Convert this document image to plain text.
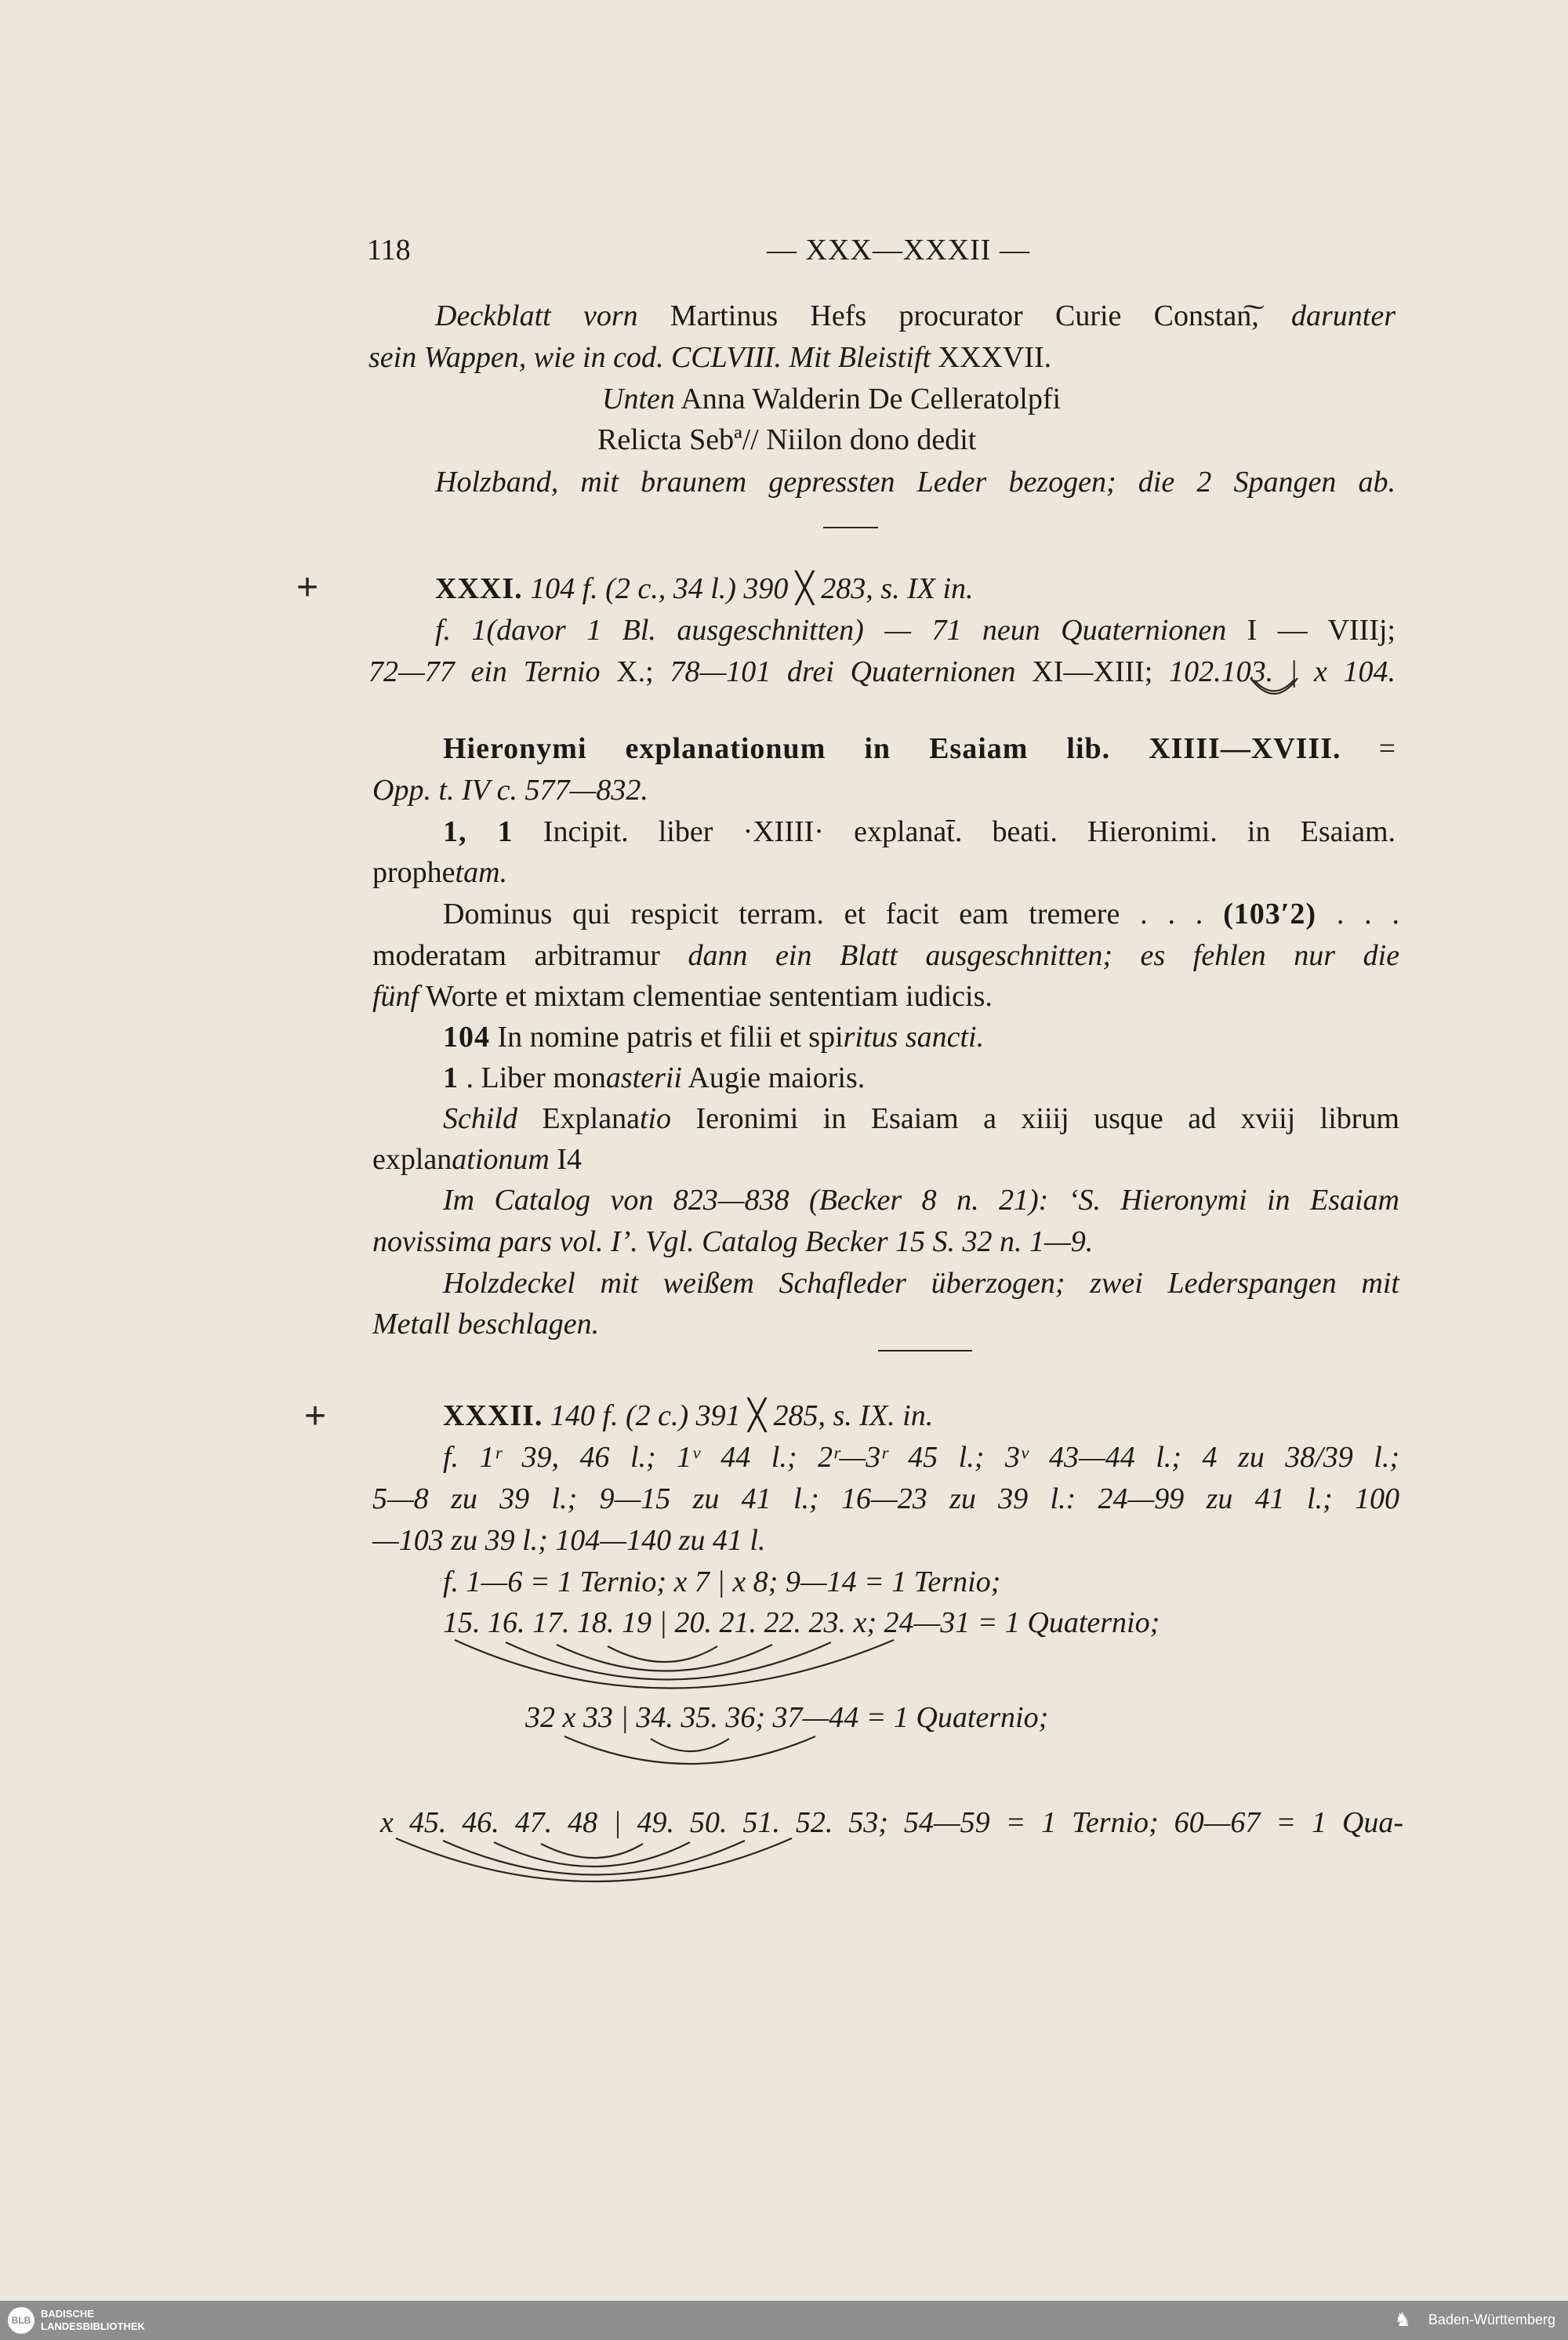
118	— XXX—XXXII —
Deckblatt vorn Martinus Hefs procurator Curie Constan͠, darunter
sein Wappen, wie in cod. CCLVIII. Mit Bleistift XXXVII.
Unten Anna Walderin De Celleratolpfi
Relicta Sebª// Niilon dono dedit
Holzband, mit braunem gepressten Leder bezogen; die 2 Spangen ab.
+	XXXI. 104 f. (2 c., 34 l.) 390 ╳ 283, s. IX in.
f. 1(davor 1 Bl. ausgeschnitten) — 71 neun Quaternionen I — VIIIj;
72—77 ein Ternio X.; 78—101 drei Quaternionen XI—XIII; 102.103. | x 104.
Hieronymi explanationum in Esaiam lib. XIIII—XVIII. =
Opp. t. IV c. 577—832.
1, 1 Incipit. liber ·XIIII· explanat̄. beati. Hieronimi. in Esaiam.
prophetam.
Dominus qui respicit terram. et facit eam tremere . . . (103′2) . . .
moderatam arbitramur dann ein Blatt ausgeschnitten; es fehlen nur die
fünf Worte et mixtam clementiae sententiam iudicis.
104 In nomine patris et filii et spiritus sancti.
1 . Liber monasterii Augie maioris.
Schild Explanatio Ieronimi in Esaiam a xiiij usque ad xviij librum
explanationum I4
Im Catalog von 823—838 (Becker 8 n. 21): ‘S. Hieronymi in Esaiam
novissima pars vol. I’. Vgl. Catalog Becker 15 S. 32 n. 1—9.
Holzdeckel mit weißem Schafleder überzogen; zwei Lederspangen mit
Metall beschlagen.
+	XXXII. 140 f. (2 c.) 391 ╳ 285, s. IX. in.
f. 1ʳ 39, 46 l.; 1ᵛ 44 l.; 2ʳ—3ʳ 45 l.; 3ᵛ 43—44 l.; 4 zu 38/39 l.;
5—8 zu 39 l.; 9—15 zu 41 l.; 16—23 zu 39 l.: 24—99 zu 41 l.; 100
—103 zu 39 l.; 104—140 zu 41 l.
f. 1—6 = 1 Ternio; x 7 | x 8; 9—14 = 1 Ternio;
15. 16. 17. 18. 19 | 20. 21. 22. 23. x; 24—31 = 1 Quaternio;
32 x 33 | 34. 35. 36; 37—44 = 1 Quaternio;
x 45. 46. 47. 48 | 49. 50. 51. 52. 53; 54—59 = 1 Ternio; 60—67 = 1 Qua-
BLB
BADISCHE
LANDESBIBLIOTHEK	♞ Baden-Württemberg
